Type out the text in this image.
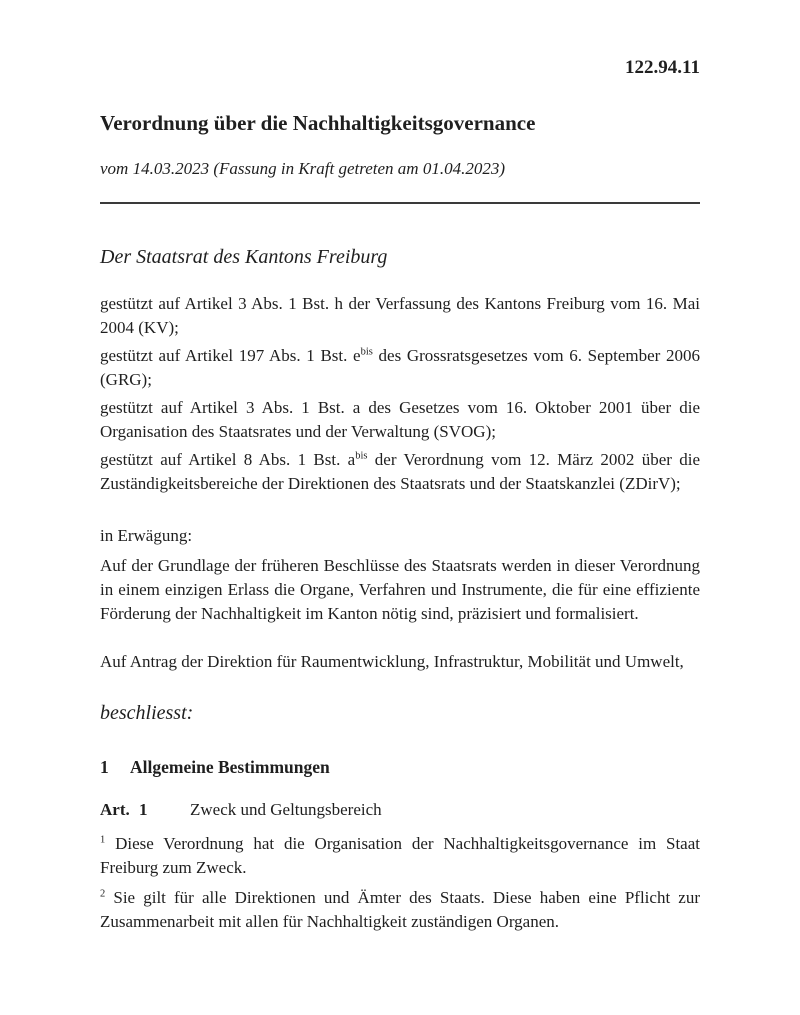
122.94.11
Verordnung über die Nachhaltigkeitsgovernance

vom 14.03.2023 (Fassung in Kraft getreten am 01.04.2023)

Der Staatsrat des Kantons Freiburg

gestützt auf Artikel 3 Abs. 1 Bst. h der Verfassung des Kantons Freiburg vom 16. Mai 2004 (KV);

gestützt auf Artikel 197 Abs. 1 Bst. $e^{bis}$ des Grossratsgesetzes vom 6. September 2006 (GRG);

gestützt auf Artikel 3 Abs. 1 Bst. a des Gesetzes vom 16. Oktober 2001 über die Organisation des Staatsrates und der Verwaltung (SVOG);

gestützt auf Artikel 8 Abs. 1 Bst. $a^{bis}$ der Verordnung vom 12. März 2002 über die Zuständigkeitsbereiche der Direktionen des Staatsrats und der Staatskanzlei (ZDirV);

in Erwägung:

Auf der Grundlage der früheren Beschlüsse des Staatsrats werden in dieser Verordnung in einem einzigen Erlass die Organe, Verfahren und Instrumente, die für eine effiziente Förderung der Nachhaltigkeit im Kanton nötig sind, präzisiert und formalisiert.

Auf Antrag der Direktion für Raumentwicklung, Infrastruktur, Mobilität und Umwelt,

beschliesst:

1 Allgemeine Bestimmungen
Art. 1	Zweck und Geltungsbereich

$^1$ Diese Verordnung hat die Organisation der Nachhaltigkeitsgovernance im Staat Freiburg zum Zweck.

$^2$ Sie gilt für alle Direktionen und Ämter des Staats. Diese haben eine Pflicht zur Zusammenarbeit mit allen für Nachhaltigkeit zuständigen Organen.
